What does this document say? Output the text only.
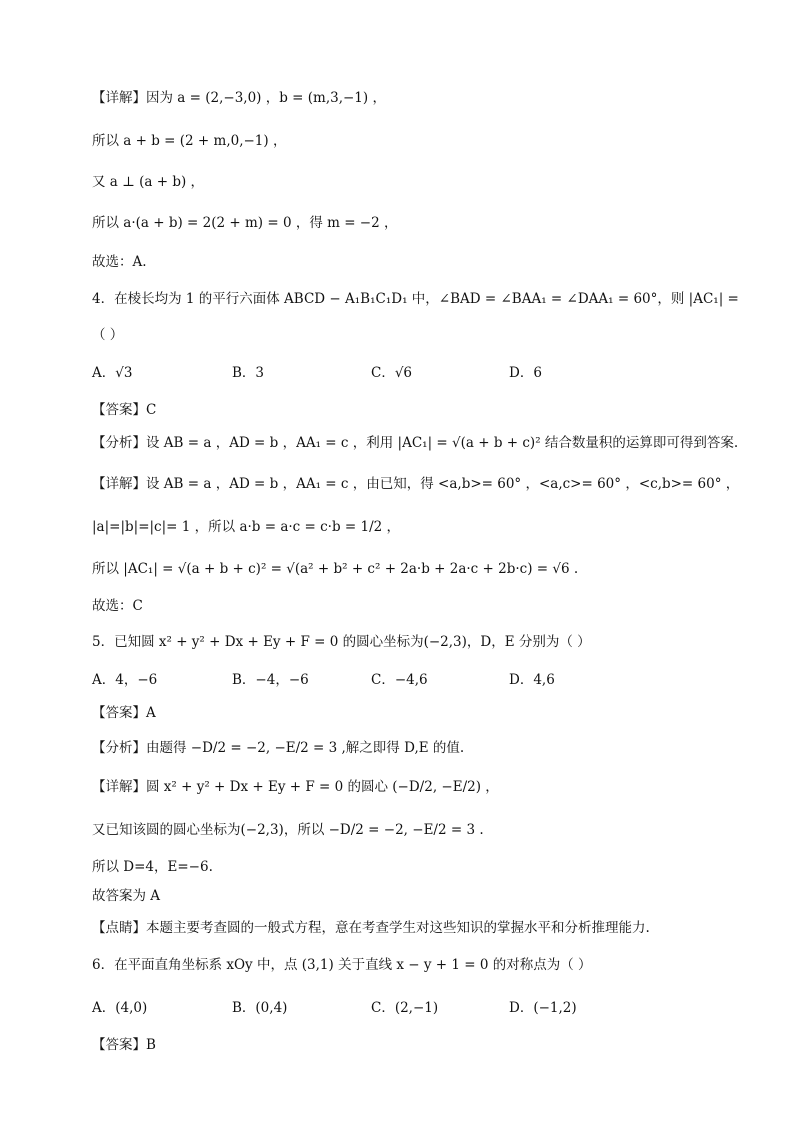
【详解】因为 a = (2,−3,0) ，b = (m,3,−1) ，
所以 a + b = (2 + m,0,−1) ，
又 a ⊥ (a + b) ，
所以 a·(a + b) = 2(2 + m) = 0 ，得 m = −2 ，
故选：A.
4．在棱长均为 1 的平行六面体 ABCD − A₁B₁C₁D₁ 中，∠BAD = ∠BAA₁ = ∠DAA₁ = 60°，则 |AC₁| =
（ ）
A．√3	B．3	C．√6	D．6
【答案】C
【分析】设 AB = a ，AD = b ，AA₁ = c ，利用 |AC₁| = √(a + b + c)² 结合数量积的运算即可得到答案.
【详解】设 AB = a ，AD = b ，AA₁ = c ，由已知，得 <a,b>= 60° ，<a,c>= 60° ，<c,b>= 60° ，
|a|=|b|=|c|= 1 ，所以 a·b = a·c = c·b = 1/2 ，
所以 |AC₁| = √(a + b + c)² = √(a² + b² + c² + 2a·b + 2a·c + 2b·c) = √6 .
故选：C
5．已知圆 x² + y² + Dx + Ey + F = 0 的圆心坐标为(−2,3)，D，E 分别为（ ）
A．4，−6	B．−4，−6	C．−4,6	D．4,6
【答案】A
【分析】由题得 −D/2 = −2, −E/2 = 3 ,解之即得 D,E 的值.
【详解】圆 x² + y² + Dx + Ey + F = 0 的圆心 (−D/2, −E/2) ，
又已知该圆的圆心坐标为(−2,3)，所以 −D/2 = −2, −E/2 = 3 .
所以 D=4，E=−6.
故答案为 A
【点睛】本题主要考查圆的一般式方程，意在考查学生对这些知识的掌握水平和分析推理能力.
6．在平面直角坐标系 xOy 中，点 (3,1) 关于直线 x − y + 1 = 0 的对称点为（ ）
A．(4,0)	B．(0,4)	C．(2,−1)	D．(−1,2)
【答案】B
